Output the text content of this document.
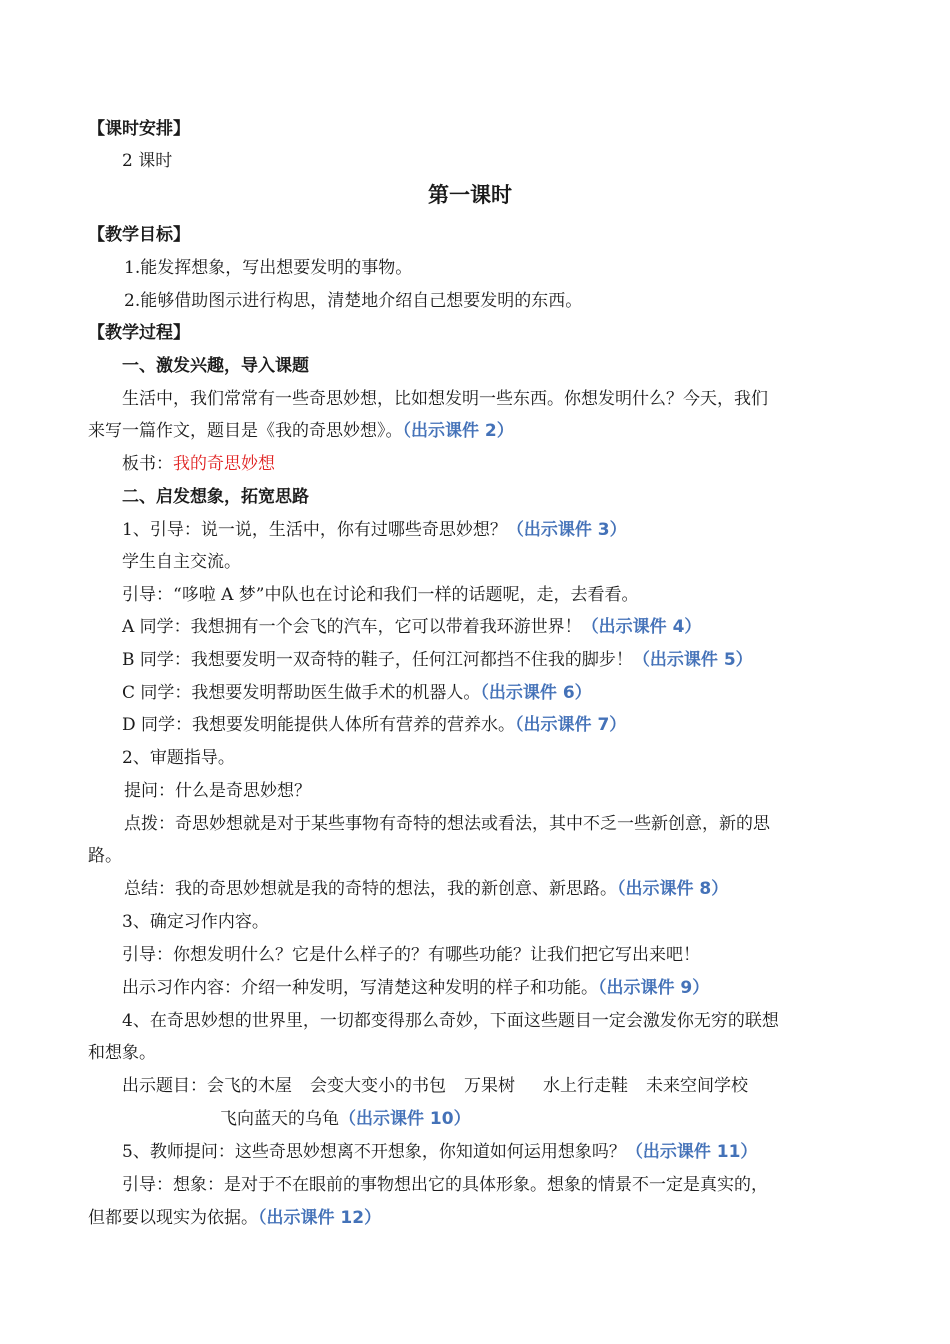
【课时安排】
2 课时
第一课时
【教学目标】
1.能发挥想象，写出想要发明的事物。
2.能够借助图示进行构思，清楚地介绍自己想要发明的东西。
【教学过程】
一、激发兴趣，导入课题
生活中，我们常常有一些奇思妙想，比如想发明一些东西。你想发明什么？今天，我们
来写一篇作文，题目是《我的奇思妙想》。（出示课件 2）
板书：我的奇思妙想
二、启发想象，拓宽思路
1、引导：说一说，生活中，你有过哪些奇思妙想？（出示课件 3）
学生自主交流。
引导：“哆啦 A 梦”中队也在讨论和我们一样的话题呢，走，去看看。
A 同学：我想拥有一个会飞的汽车，它可以带着我环游世界！（出示课件 4）
B 同学：我想要发明一双奇特的鞋子，任何江河都挡不住我的脚步！（出示课件 5）
C 同学：我想要发明帮助医生做手术的机器人。（出示课件 6）
D 同学：我想要发明能提供人体所有营养的营养水。（出示课件 7）
2、审题指导。
提问：什么是奇思妙想？
点拨：奇思妙想就是对于某些事物有奇特的想法或看法，其中不乏一些新创意，新的思
路。
总结：我的奇思妙想就是我的奇特的想法，我的新创意、新思路。（出示课件 8）
3、确定习作内容。
引导：你想发明什么？它是什么样子的？有哪些功能？让我们把它写出来吧！
出示习作内容：介绍一种发明，写清楚这种发明的样子和功能。（出示课件 9）
4、在奇思妙想的世界里，一切都变得那么奇妙，下面这些题目一定会激发你无穷的联想
和想象。
出示题目：会飞的木屋 会变大变小的书包 万果树 水上行走鞋 未来空间学校
飞向蓝天的乌龟（出示课件 10）
5、教师提问：这些奇思妙想离不开想象，你知道如何运用想象吗？（出示课件 11）
引导：想象：是对于不在眼前的事物想出它的具体形象。想象的情景不一定是真实的，
但都要以现实为依据。（出示课件 12）
